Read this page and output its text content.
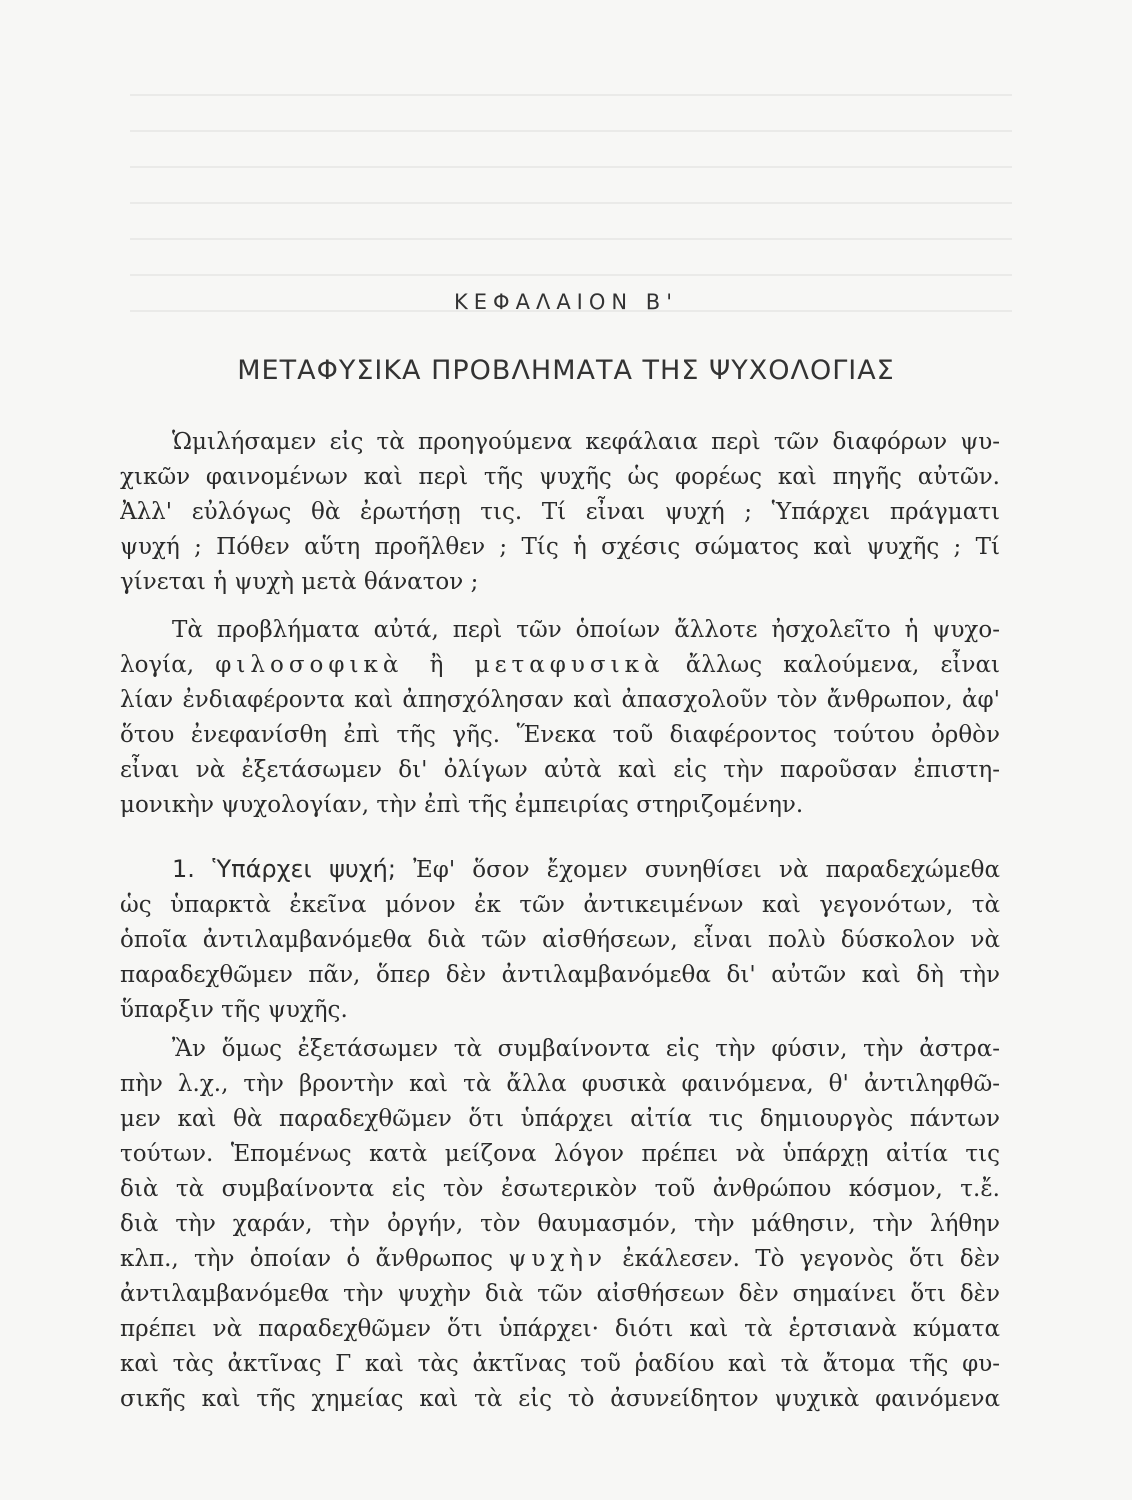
ΚΕΦΑΛΑΙΟΝ Β'
ΜΕΤΑΦΥΣΙΚΑ ΠΡΟΒΛΗΜΑΤΑ ΤΗΣ ΨΥΧΟΛΟΓΙΑΣ
Ὡμιλήσαμεν εἰς τὰ προηγούμενα κεφάλαια περὶ τῶν διαφόρων ψυ-
χικῶν φαινομένων καὶ περὶ τῆς ψυχῆς ὡς φορέως καὶ πηγῆς αὐτῶν.
Ἀλλ' εὐλόγως θὰ ἐρωτήσῃ τις. Τί εἶναι ψυχή ; Ὑπάρχει πράγματι
ψυχή ; Πόθεν αὕτη προῆλθεν ; Τίς ἡ σχέσις σώματος καὶ ψυχῆς ; Τί
γίνεται ἡ ψυχὴ μετὰ θάνατον ;
Τὰ προβλήματα αὐτά, περὶ τῶν ὁποίων ἄλλοτε ἠσχολεῖτο ἡ ψυχο-
λογία, φιλοσοφικὰ ἢ μεταφυσικὰ ἄλλως καλούμενα, εἶναι
λίαν ἐνδιαφέροντα καὶ ἀπησχόλησαν καὶ ἀπασχολοῦν τὸν ἄνθρωπον, ἀφ'
ὅτου ἐνεφανίσθη ἐπὶ τῆς γῆς. Ἕνεκα τοῦ διαφέροντος τούτου ὀρθὸν
εἶναι νὰ ἐξετάσωμεν δι' ὀλίγων αὐτὰ καὶ εἰς τὴν παροῦσαν ἐπιστη-
μονικὴν ψυχολογίαν, τὴν ἐπὶ τῆς ἐμπειρίας στηριζομένην.
1. Ὑπάρχει ψυχή; Ἐφ' ὅσον ἔχομεν συνηθίσει νὰ παραδεχώμεθα
ὡς ὑπαρκτὰ ἐκεῖνα μόνον ἐκ τῶν ἀντικειμένων καὶ γεγονότων, τὰ
ὁποῖα ἀντιλαμβανόμεθα διὰ τῶν αἰσθήσεων, εἶναι πολὺ δύσκολον νὰ
παραδεχθῶμεν πᾶν, ὅπερ δὲν ἀντιλαμβανόμεθα δι' αὐτῶν καὶ δὴ τὴν
ὕπαρξιν τῆς ψυχῆς.
Ἂν ὅμως ἐξετάσωμεν τὰ συμβαίνοντα εἰς τὴν φύσιν, τὴν ἀστρα-
πὴν λ.χ., τὴν βροντὴν καὶ τὰ ἄλλα φυσικὰ φαινόμενα, θ' ἀντιληφθῶ-
μεν καὶ θὰ παραδεχθῶμεν ὅτι ὑπάρχει αἰτία τις δημιουργὸς πάντων
τούτων. Ἑπομένως κατὰ μείζονα λόγον πρέπει νὰ ὑπάρχῃ αἰτία τις
διὰ τὰ συμβαίνοντα εἰς τὸν ἐσωτερικὸν τοῦ ἀνθρώπου κόσμον, τ.ἔ.
διὰ τὴν χαράν, τὴν ὀργήν, τὸν θαυμασμόν, τὴν μάθησιν, τὴν λήθην
κλπ., τὴν ὁποίαν ὁ ἄνθρωπος ψυχὴν ἐκάλεσεν. Τὸ γεγονὸς ὅτι δὲν
ἀντιλαμβανόμεθα τὴν ψυχὴν διὰ τῶν αἰσθήσεων δὲν σημαίνει ὅτι δὲν
πρέπει νὰ παραδεχθῶμεν ὅτι ὑπάρχει· διότι καὶ τὰ ἑρτσιανὰ κύματα
καὶ τὰς ἀκτῖνας Γ καὶ τὰς ἀκτῖνας τοῦ ῥαδίου καὶ τὰ ἄτομα τῆς φυ-
σικῆς καὶ τῆς χημείας καὶ τὰ εἰς τὸ ἀσυνείδητον ψυχικὰ φαινόμενα
